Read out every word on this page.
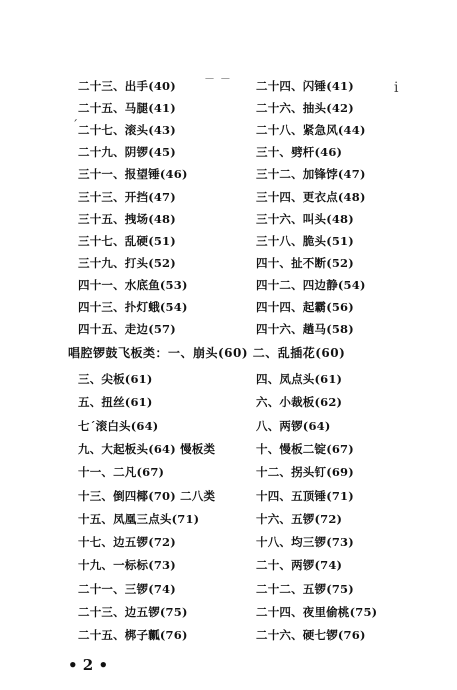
— —
ⅰ
ˊ
二十三、出手(40)
二十五、马腿(41)
二十七、滚头(43)
二十九、阴锣(45)
三十一、报望锤(46)
三十三、开挡(47)
三十五、拽场(48)
三十七、乱硬(51)
三十九、打头(52)
四十一、水底鱼(53)
四十三、扑灯蛾(54)
四十五、走边(57)
二十四、闪锤(41)
二十六、抽头(42)
二十八、紧急风(44)
三十、劈杆(46)
三十二、加锋饽(47)
三十四、更衣点(48)
三十六、叫头(48)
三十八、脆头(51)
四十、扯不断(52)
四十二、四边静(54)
四十四、起霸(56)
四十六、趟马(58)
唱腔锣鼓飞板类：一、崩头(60) 二、乱插花(60)
三、尖板(61)
五、扭丝(61)
七ˊ滚白头(64)
九、大起板头(64) 慢板类
十一、二凡(67)
十三、倒四椰(70) 二八类
十五、凤凰三点头(71)
十七、边五锣(72)
十九、一标标(73)
二十一、三锣(74)
二十三、边五锣(75)
二十五、梆子瓤(76)
四、凤点头(61)
六、小裁板(62)
八、两锣(64)
十、慢板二锭(67)
十二、拐头钉(69)
十四、五顶锤(71)
十六、五锣(72)
十八、均三锣(73)
二十、两锣(74)
二十二、五锣(75)
二十四、夜里偷桃(75)
二十六、硬七锣(76)
• 2 •
